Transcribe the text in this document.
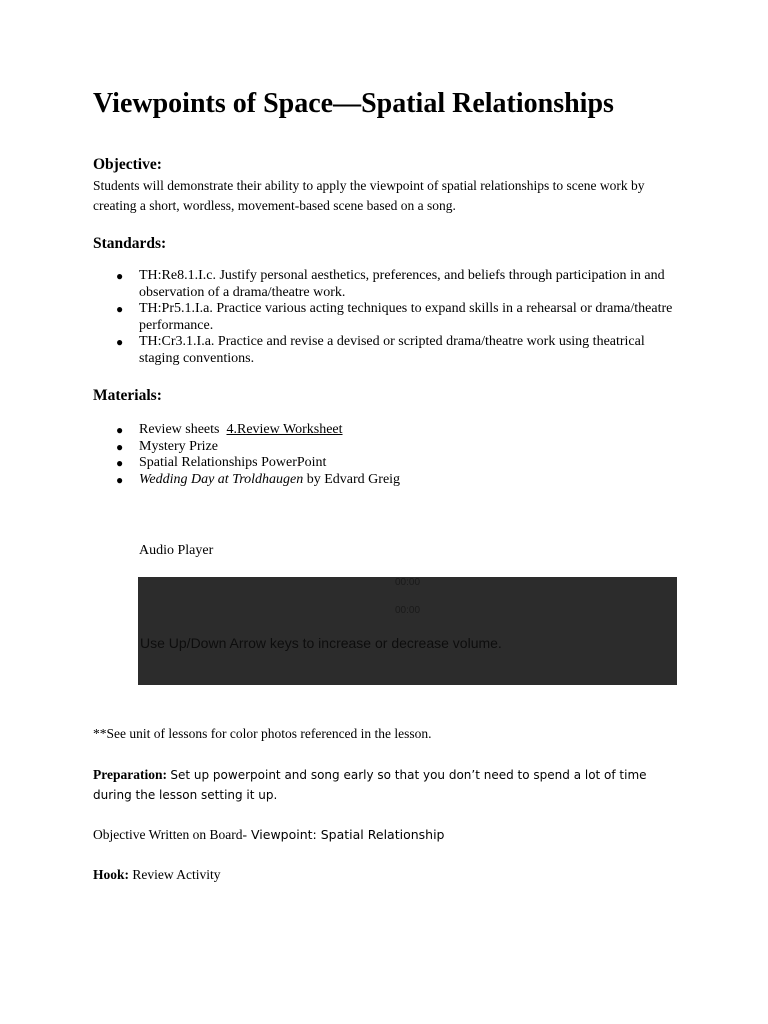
Viewpoints of Space—Spatial Relationships
Objective:

Students will demonstrate their ability to apply the viewpoint of spatial relationships to scene work by creating a short, wordless, movement-based scene based on a song.

Standards:
● TH:Re8.1.I.c. Justify personal aesthetics, preferences, and beliefs through participation in and observation of a drama/theatre work.
● TH:Pr5.1.I.a. Practice various acting techniques to expand skills in a rehearsal or drama/theatre performance.
● TH:Cr3.1.I.a. Practice and revise a devised or scripted drama/theatre work using theatrical staging conventions.
Materials:
● Review sheets 4.Review Worksheet
● Mystery Prize
● Spatial Relationships PowerPoint
● Wedding Day at Troldhaugen by Edvard Greig
Audio Player
00:00
00:00
Use Up/Down Arrow keys to increase or decrease volume.
**See unit of lessons for color photos referenced in the lesson.

Preparation: Set up powerpoint and song early so that you don’t need to spend a lot of time during the lesson setting it up.

Objective Written on Board- Viewpoint: Spatial Relationship

Hook: Review Activity
